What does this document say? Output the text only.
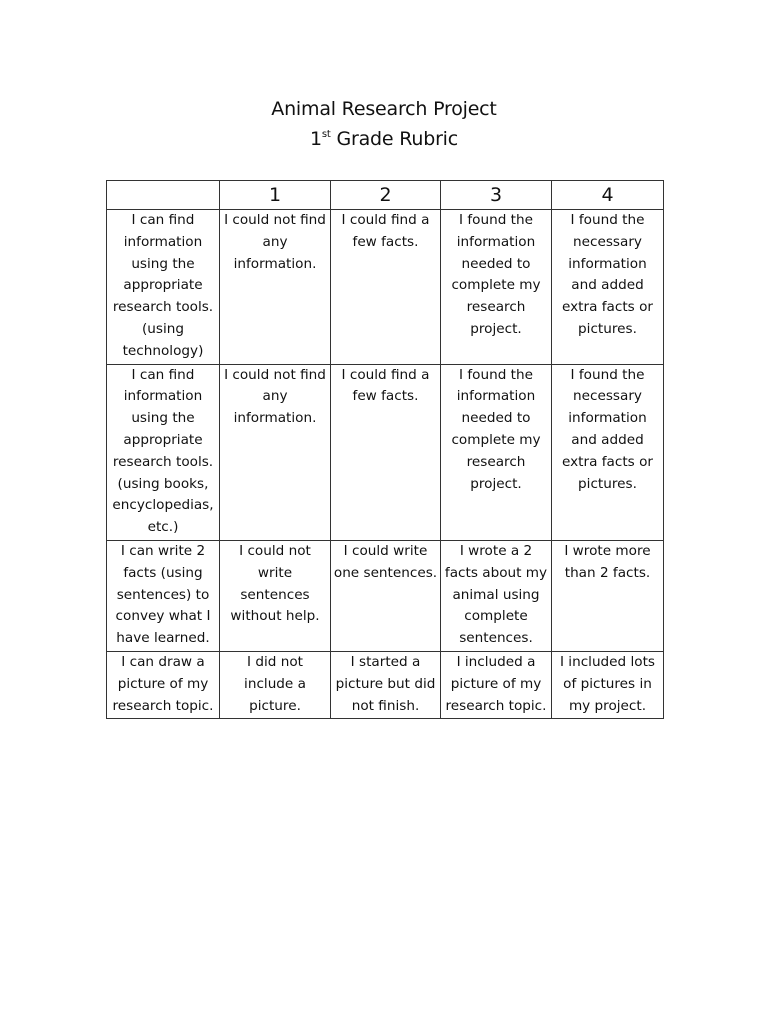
Animal Research Project
1st Grade Rubric
	1	2	3	4
I can find information using the appropriate research tools. (using technology)	I could not find any information.	I could find a few facts.	I found the information needed to complete my research project.	I found the necessary information and added extra facts or pictures.
I can find information using the appropriate research tools. (using books, encyclopedias, etc.)	I could not find any information.	I could find a few facts.	I found the information needed to complete my research project.	I found the necessary information and added extra facts or pictures.
I can write 2 facts (using sentences) to convey what I have learned.	I could not write sentences without help.	I could write one sentences.	I wrote a 2 facts about my animal using complete sentences.	I wrote more than 2 facts.
I can draw a picture of my research topic.	I did not include a picture.	I started a picture but did not finish.	I included a picture of my research topic.	I included lots of pictures in my project.
